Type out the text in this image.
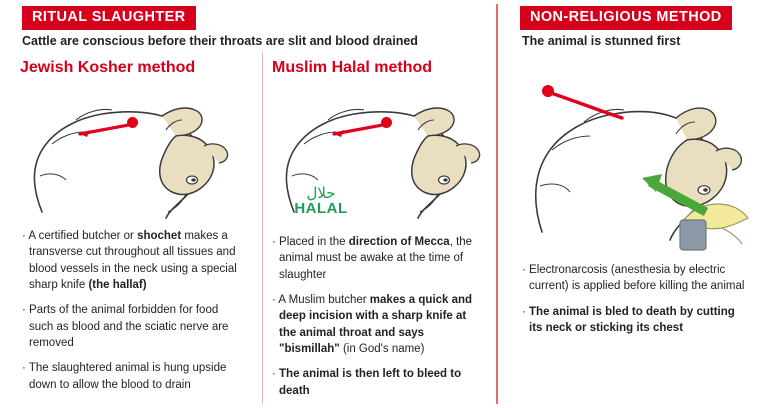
RITUAL SLAUGHTER
Cattle are conscious before their throats are slit and blood drained
Jewish Kosher method

· A certified butcher or shochet makes a transverse cut throughout all tissues and blood vessels in the neck using a special sharp knife (the hallaf)

· Parts of the animal forbidden for food such as blood and the sciatic nerve are removed

· The slaughtered animal is hung upside down to allow the blood to drain

Muslim Halal method
حلال
HALAL

· Placed in the direction of Mecca, the animal must be awake at the time of slaughter

· A Muslim butcher makes a quick and deep incision with a sharp knife at the animal throat and says "bismillah" (in God's name)

· The animal is then left to bleed to death

NON-RELIGIOUS METHOD
The animal is stunned first

· Electronarcosis (anesthesia by electric current) is applied before killing the animal

· The animal is bled to death by cutting its neck or sticking its chest
